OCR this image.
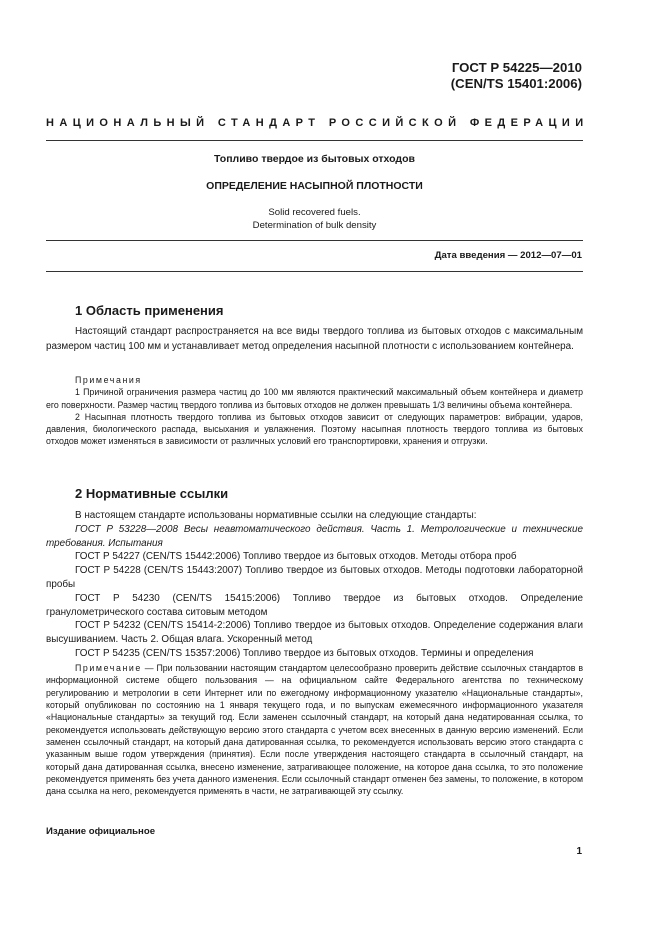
ГОСТ Р 54225—2010
(CEN/TS 15401:2006)
НАЦИОНАЛЬНЫЙ СТАНДАРТ РОССИЙСКОЙ ФЕДЕРАЦИИ
Топливо твердое из бытовых отходов
ОПРЕДЕЛЕНИЕ НАСЫПНОЙ ПЛОТНОСТИ
Solid recovered fuels.
Determination of bulk density
Дата введения — 2012—07—01
1 Область применения

Настоящий стандарт распространяется на все виды твердого топлива из бытовых отходов с максимальным размером частиц 100 мм и устанавливает метод определения насыпной плотности с использованием контейнера.

Примечания

1 Причиной ограничения размера частиц до 100 мм являются практический максимальный объем контейнера и диаметр его поверхности. Размер частиц твердого топлива из бытовых отходов не должен превышать 1/3 величины объема контейнера.

2 Насыпная плотность твердого топлива из бытовых отходов зависит от следующих параметров: вибрации, ударов, давления, биологического распада, высыхания и увлажнения. Поэтому насыпная плотность твердого топлива из бытовых отходов может изменяться в зависимости от различных условий его транспортировки, хранения и отгрузки.

2 Нормативные ссылки

В настоящем стандарте использованы нормативные ссылки на следующие стандарты:

ГОСТ Р 53228—2008 Весы неавтоматического действия. Часть 1. Метрологические и технические требования. Испытания

ГОСТ Р 54227 (CEN/TS 15442:2006) Топливо твердое из бытовых отходов. Методы отбора проб

ГОСТ Р 54228 (CEN/TS 15443:2007) Топливо твердое из бытовых отходов. Методы подготовки лабораторной пробы

ГОСТ Р 54230 (CEN/TS 15415:2006) Топливо твердое из бытовых отходов. Определение гранулометрического состава ситовым методом

ГОСТ Р 54232 (CEN/TS 15414-2:2006) Топливо твердое из бытовых отходов. Определение содержания влаги высушиванием. Часть 2. Общая влага. Ускоренный метод

ГОСТ Р 54235 (CEN/TS 15357:2006) Топливо твердое из бытовых отходов. Термины и определения

Примечание — При пользовании настоящим стандартом целесообразно проверить действие ссылочных стандартов в информационной системе общего пользования — на официальном сайте Федерального агентства по техническому регулированию и метрологии в сети Интернет или по ежегодному информационному указателю «Национальные стандарты», который опубликован по состоянию на 1 января текущего года, и по выпускам ежемесячного информационного указателя «Национальные стандарты» за текущий год. Если заменен ссылочный стандарт, на который дана недатированная ссылка, то рекомендуется использовать действующую версию этого стандарта с учетом всех внесенных в данную версию изменений. Если заменен ссылочный стандарт, на который дана датированная ссылка, то рекомендуется использовать версию этого стандарта с указанным выше годом утверждения (принятия). Если после утверждения настоящего стандарта в ссылочный стандарт, на который дана датированная ссылка, внесено изменение, затрагивающее положение, на которое дана ссылка, то это положение рекомендуется применять без учета данного изменения. Если ссылочный стандарт отменен без замены, то положение, в котором дана ссылка на него, рекомендуется применять в части, не затрагивающей эту ссылку.

Издание официальное
1
